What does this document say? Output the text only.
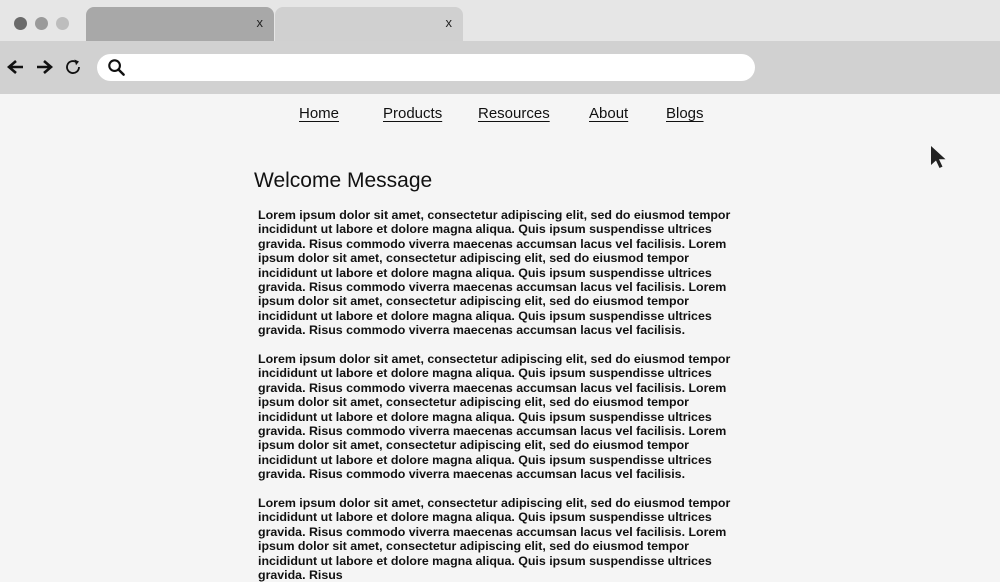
x	x
Home	Products Resources	About	Blogs
Welcome Message

Lorem ipsum dolor sit amet, consectetur adipiscing elit, sed do eiusmod tempor incididunt ut labore et dolore magna aliqua. Quis ipsum suspendisse ultrices gravida. Risus commodo viverra maecenas accumsan lacus vel facilisis. Lorem ipsum dolor sit amet, consectetur adipiscing elit, sed do eiusmod tempor incididunt ut labore et dolore magna aliqua. Quis ipsum suspendisse ultrices gravida. Risus commodo viverra maecenas accumsan lacus vel facilisis. Lorem ipsum dolor sit amet, consectetur adipiscing elit, sed do eiusmod tempor incididunt ut labore et dolore magna aliqua. Quis ipsum suspendisse ultrices gravida. Risus commodo viverra maecenas accumsan lacus vel facilisis.

Lorem ipsum dolor sit amet, consectetur adipiscing elit, sed do eiusmod tempor incididunt ut labore et dolore magna aliqua. Quis ipsum suspendisse ultrices gravida. Risus commodo viverra maecenas accumsan lacus vel facilisis. Lorem ipsum dolor sit amet, consectetur adipiscing elit, sed do eiusmod tempor incididunt ut labore et dolore magna aliqua. Quis ipsum suspendisse ultrices gravida. Risus commodo viverra maecenas accumsan lacus vel facilisis. Lorem ipsum dolor sit amet, consectetur adipiscing elit, sed do eiusmod tempor incididunt ut labore et dolore magna aliqua. Quis ipsum suspendisse ultrices gravida. Risus commodo viverra maecenas accumsan lacus vel facilisis.

Lorem ipsum dolor sit amet, consectetur adipiscing elit, sed do eiusmod tempor incididunt ut labore et dolore magna aliqua. Quis ipsum suspendisse ultrices gravida. Risus commodo viverra maecenas accumsan lacus vel facilisis. Lorem ipsum dolor sit amet, consectetur adipiscing elit, sed do eiusmod tempor incididunt ut labore et dolore magna aliqua. Quis ipsum suspendisse ultrices gravida. Risus
